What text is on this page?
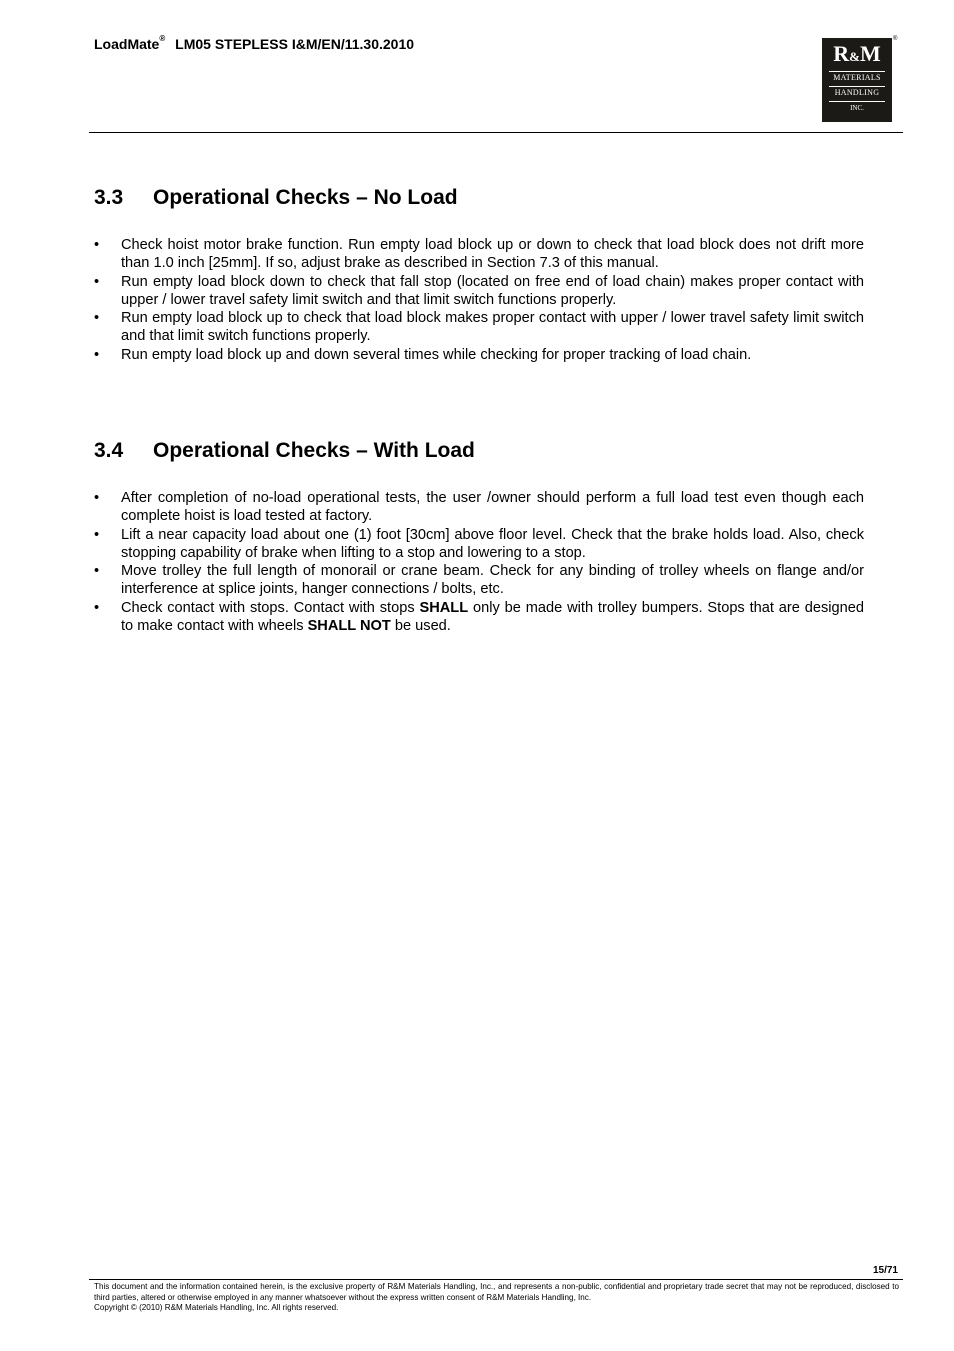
LoadMate® LM05 STEPLESS I&M/EN/11.30.2010	R&M
MATERIALS
HANDLING
INC.
®
3.3 Operational Checks – No Load
• Check hoist motor brake function. Run empty load block up or down to check that load block does not drift more than 1.0 inch [25mm]. If so, adjust brake as described in Section 7.3 of this manual.
• Run empty load block down to check that fall stop (located on free end of load chain) makes proper contact with upper / lower travel safety limit switch and that limit switch functions properly.
• Run empty load block up to check that load block makes proper contact with upper / lower travel safety limit switch and that limit switch functions properly.
• Run empty load block up and down several times while checking for proper tracking of load chain.
3.4 Operational Checks – With Load
• After completion of no-load operational tests, the user /owner should perform a full load test even though each complete hoist is load tested at factory.
• Lift a near capacity load about one (1) foot [30cm] above floor level. Check that the brake holds load. Also, check stopping capability of brake when lifting to a stop and lowering to a stop.
• Move trolley the full length of monorail or crane beam. Check for any binding of trolley wheels on flange and/or interference at splice joints, hanger connections / bolts, etc.
• Check contact with stops. Contact with stops SHALL only be made with trolley bumpers. Stops that are designed to make contact with wheels SHALL NOT be used.
15/71
This document and the information contained herein, is the exclusive property of R&M Materials Handling, Inc., and represents a non-public, confidential and proprietary trade secret that may not be reproduced, disclosed to third parties, altered or otherwise employed in any manner whatsoever without the express written consent of R&M Materials Handling, Inc.
Copyright © (2010) R&M Materials Handling, Inc. All rights reserved.
